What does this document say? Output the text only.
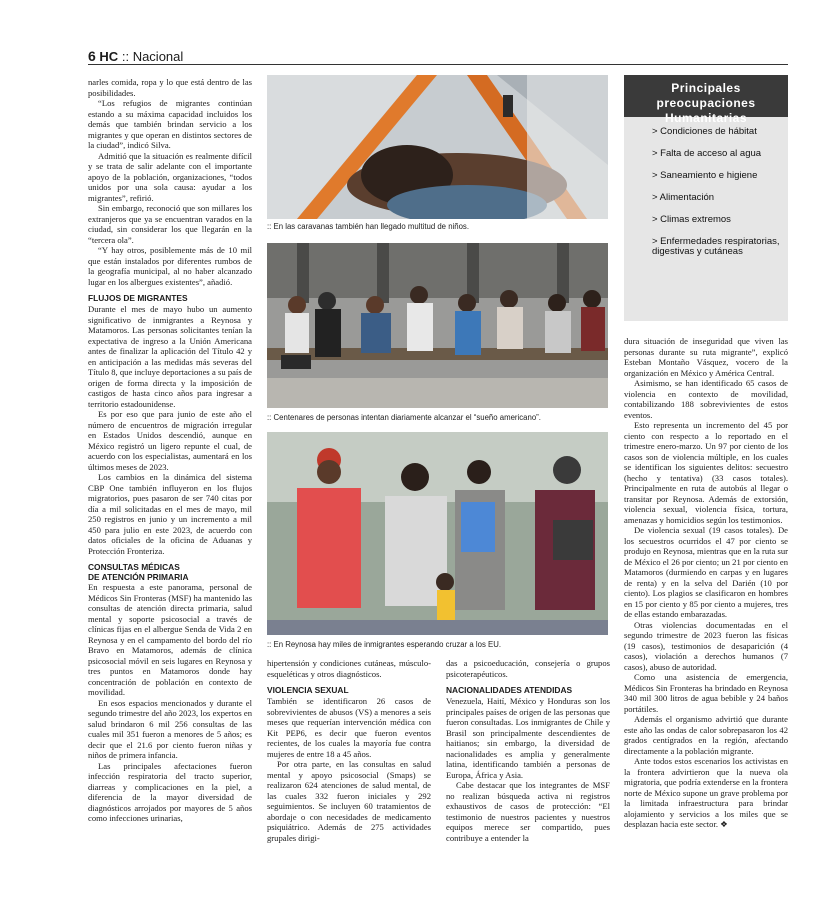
6 HC :: Nacional

narles comida, ropa y lo que está dentro de las posibilidades.

“Los refugios de migrantes continúan estando a su máxima capacidad incluidos los demás que también brindan servicio a los migrantes y que operan en distintos sectores de la ciudad”, indicó Silva.

Admitió que la situación es realmente difícil y se trata de salir adelante con el importante apoyo de la población, organizaciones, “todos unidos por una sola causa: ayudar a los migrantes”, refirió.

Sin embargo, reconoció que son millares los extranjeros que ya se encuentran varados en la ciudad, sin considerar los que llegarán en la “tercera ola”.

“Y hay otros, posiblemente más de 10 mil que están instalados por diferentes rumbos de la geografía municipal, al no haber alcanzado lugar en los albergues existentes”, añadió.

FLUJOS DE MIGRANTES

Durante el mes de mayo hubo un aumento significativo de inmigrantes a Reynosa y Matamoros. Las personas solicitantes tenían la expectativa de ingreso a la Unión Americana antes de finalizar la aplicación del Título 42 y en anticipación a las medidas más severas del Título 8, que incluye deportaciones a su país de origen de forma directa y la imposición de castigos de hasta cinco años para ingresar a territorio estadounidense.

Es por eso que para junio de este año el número de encuentros de migración irregular en Estados Unidos descendió, aunque en México registró un ligero repunte el cual, de acuerdo con los especialistas, aumentará en los últimos meses de 2023.

Los cambios en la dinámica del sistema CBP One también influyeron en los flujos migratorios, pues pasaron de ser 740 citas por día a mil solicitadas en el mes de mayo, mil 250 registros en junio y un incremento a mil 450 para julio en este 2023, de acuerdo con datos oficiales de la oficina de Aduanas y Protección Fronteriza.

CONSULTAS MÉDICAS
DE ATENCIÓN PRIMARIA

En respuesta a este panorama, personal de Médicos Sin Fronteras (MSF) ha mantenido las consultas de atención directa primaria, salud mental y soporte psicosocial a través de clínicas fijas en el albergue Senda de Vida 2 en Reynosa y en el campamento del bordo del río Bravo en Matamoros, además de clínica psicosocial móvil en seis lugares en Reynosa y tres puntos en Matamoros donde hay concentración de población en contexto de movilidad.

En esos espacios mencionados y durante el segundo trimestre del año 2023, los expertos en salud brindaron 6 mil 256 consultas de las cuales mil 351 fueron a menores de 5 años; es decir que el 21.6 por ciento fueron niñas y niños de primera infancia.

Las principales afectaciones fueron infección respiratoria del tracto superior, diarreas y complicaciones en la piel, a diferencia de la mayor diversidad de diagnósticos arrojados por mayores de 5 años como infecciones urinarias,

:: En las caravanas también han llegado multitud de niños.
:: Centenares de personas intentan diariamente alcanzar el “sueño americano”.
:: En Reynosa hay miles de inmigrantes esperando cruzar a los EU.

hipertensión y condiciones cutáneas, músculo-esqueléticas y otros diagnósticos.

VIOLENCIA SEXUAL

También se identificaron 26 casos de sobrevivientes de abusos (VS) a menores a seis meses que requerían intervención médica con Kit PEP6, es decir que fueron eventos recientes, de los cuales la mayoría fue contra mujeres de entre 18 a 45 años.

Por otra parte, en las consultas en salud mental y apoyo psicosocial (Smaps) se realizaron 624 atenciones de salud mental, de las cuales 332 fueron iniciales y 292 seguimientos. Se incluyen 60 tratamientos de abordaje o con necesidades de medicamento psiquiátrico. Además de 275 actividades grupales dirigi-

das a psicoeducación, consejería o grupos psicoterapéuticos.

NACIONALIDADES ATENDIDAS

Venezuela, Haití, México y Honduras son los principales países de origen de las personas que fueron consultadas. Los inmigrantes de Chile y Brasil son principalmente descendientes de haitianos; sin embargo, la diversidad de nacionalidades es amplia y generalmente latina, identificando también a personas de Europa, África y Asia.

Cabe destacar que los integrantes de MSF no realizan búsqueda activa ni registros exhaustivos de casos de protección: “El testimonio de nuestros pacientes y nuestros equipos merece ser compartido, pues contribuye a entender la

Principales preocupaciones Humanitarias
> Condiciones de hábitat
> Falta de acceso al agua
> Saneamiento e higiene
> Alimentación
> Climas extremos
> Enfermedades respiratorias, digestivas y cutáneas

dura situación de inseguridad que viven las personas durante su ruta migrante”, explicó Esteban Montaño Vásquez, vocero de la organización en México y América Central.

Asimismo, se han identificado 65 casos de violencia en contexto de movilidad, contabilizando 188 sobrevivientes de estos eventos.

Esto representa un incremento del 45 por ciento con respecto a lo reportado en el trimestre enero-marzo. Un 97 por ciento de los casos son de violencia múltiple, en los cuales se identifican los siguientes delitos: secuestro (hecho y tentativa) (33 casos totales). Principalmente en ruta de autobús al llegar o transitar por Reynosa. Además de extorsión, violencia sexual, violencia física, tortura, amenazas y homicidios según los testimonios.

De violencia sexual (19 casos totales). De los secuestros ocurridos el 47 por ciento se produjo en Reynosa, mientras que en la ruta sur de México el 26 por ciento; un 21 por ciento en Matamoros (durmiendo en carpas y en lugares de renta) y en la selva del Darién (10 por ciento). Los plagios se clasificaron en hombres en 15 por ciento y 85 por ciento a mujeres, tres de ellas estando embarazadas.

Otras violencias documentadas en el segundo trimestre de 2023 fueron las físicas (19 casos), testimonios de desaparición (4 casos), violación a derechos humanos (7 casos), abuso de autoridad.

Como una asistencia de emergencia, Médicos Sin Fronteras ha brindado en Reynosa 340 mil 300 litros de agua bebible y 24 baños portátiles.

Además el organismo advirtió que durante este año las ondas de calor sobrepasaron los 42 grados centígrados en la región, afectando directamente a la población migrante.

Ante todos estos escenarios los activistas en la frontera advirtieron que la nueva ola migratoria, que podría extenderse en la frontera norte de México supone un grave problema por la limitada infraestructura para brindar alojamiento y servicios a los miles que se desplazan hacia este sector. ❖
